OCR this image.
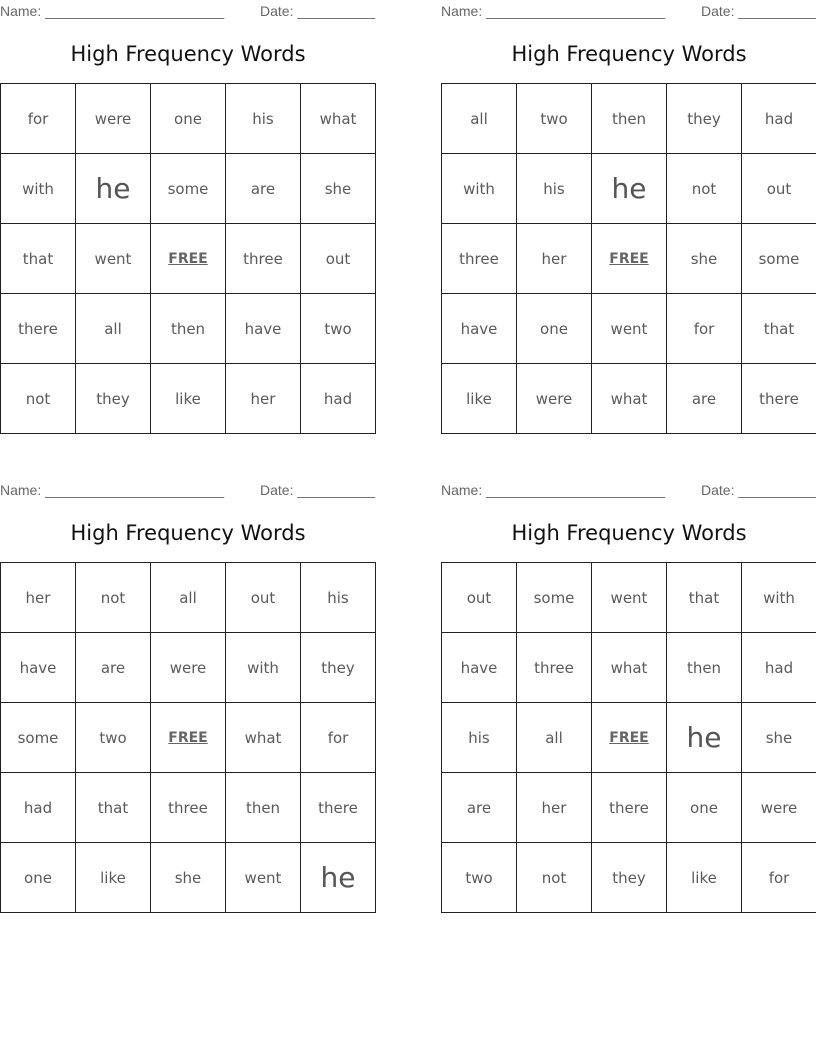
Name: _______________________	Date: __________
High Frequency Words
for	were	one	his	what
with	he	some	are	she
that	went	FREE	three	out
there	all	then	have	two
not	they	like	her	had
Name: _______________________	Date: __________
High Frequency Words
all	two	then	they	had
with	his	he	not	out
three	her	FREE	she	some
have	one	went	for	that
like	were	what	are	there
Name: _______________________	Date: __________
High Frequency Words
her	not	all	out	his
have	are	were	with	they
some	two	FREE	what	for
had	that	three	then	there
one	like	she	went	he
Name: _______________________	Date: __________
High Frequency Words
out	some	went	that	with
have	three	what	then	had
his	all	FREE	he	she
are	her	there	one	were
two	not	they	like	for
